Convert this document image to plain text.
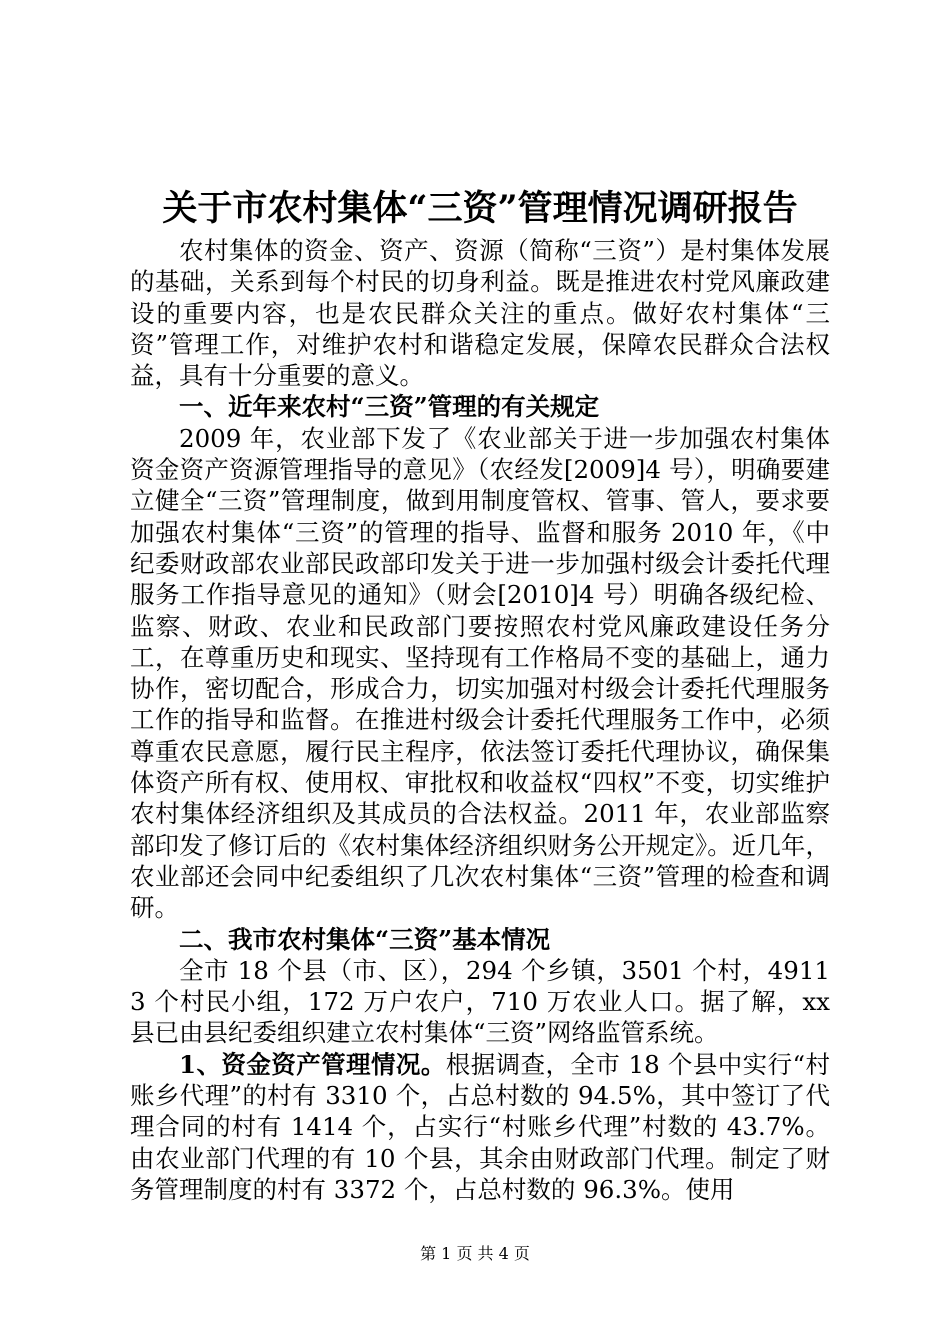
关于市农村集体“三资”管理情况调研报告

农村集体的资金、资产、资源（简称“三资”）是村集体发展的基础，关系到每个村民的切身利益。既是推进农村党风廉政建设的重要内容，也是农民群众关注的重点。做好农村集体“三资”管理工作，对维护农村和谐稳定发展，保障农民群众合法权益，具有十分重要的意义。

一、近年来农村“三资”管理的有关规定

2009 年，农业部下发了《农业部关于进一步加强农村集体资金资产资源管理指导的意见》（农经发[2009]4 号），明确要建立健全“三资”管理制度，做到用制度管权、管事、管人，要求要加强农村集体“三资”的管理的指导、监督和服务 2010 年，《中纪委财政部农业部民政部印发关于进一步加强村级会计委托代理服务工作指导意见的通知》（财会[2010]4 号）明确各级纪检、监察、财政、农业和民政部门要按照农村党风廉政建设任务分工，在尊重历史和现实、坚持现有工作格局不变的基础上，通力协作，密切配合，形成合力，切实加强对村级会计委托代理服务工作的指导和监督。在推进村级会计委托代理服务工作中，必须尊重农民意愿，履行民主程序，依法签订委托代理协议，确保集体资产所有权、使用权、审批权和收益权“四权”不变，切实维护农村集体经济组织及其成员的合法权益。2011 年，农业部监察部印发了修订后的《农村集体经济组织财务公开规定》。近几年，农业部还会同中纪委组织了几次农村集体“三资”管理的检查和调研。

二、我市农村集体“三资”基本情况

全市 18 个县（市、区），294 个乡镇，3501 个村，49113 个村民小组，172 万户农户，710 万农业人口。据了解，xx 县已由县纪委组织建立农村集体“三资”网络监管系统。

1、资金资产管理情况。根据调查，全市 18 个县中实行“村账乡代理”的村有 3310 个，占总村数的 94.5%，其中签订了代理合同的村有 1414 个，占实行“村账乡代理”村数的 43.7%。由农业部门代理的有 10 个县，其余由财政部门代理。制定了财务管理制度的村有 3372 个，占总村数的 96.3%。使用

第 1 页 共 4 页
